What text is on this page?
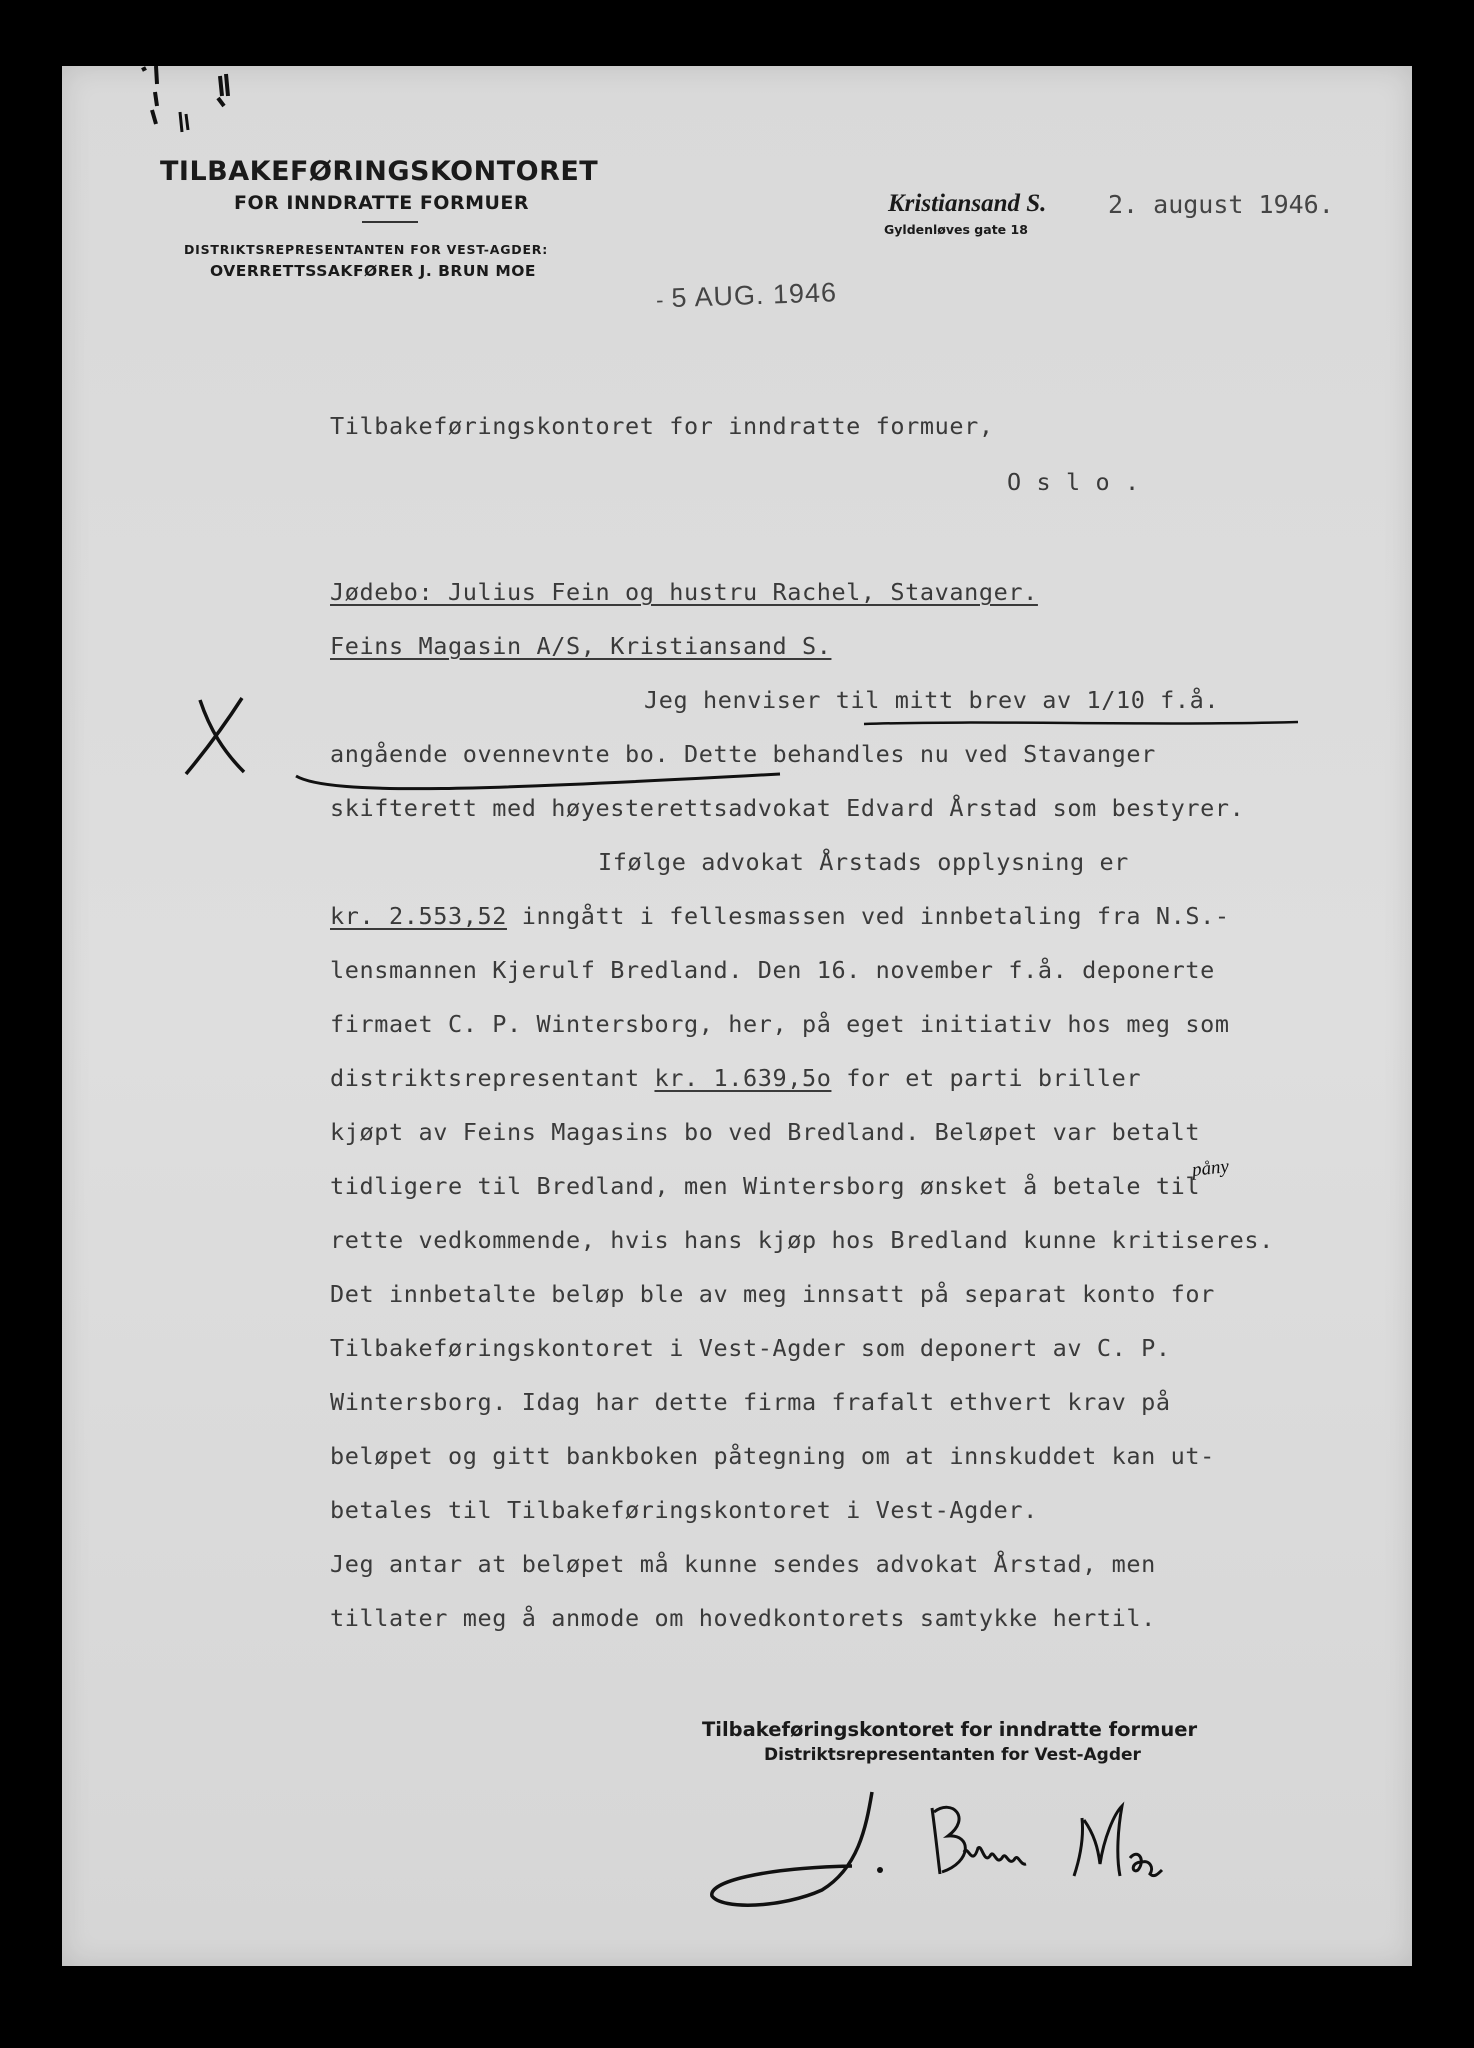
TILBAKEFØRINGSKONTORET
FOR INNDRATTE FORMUER
DISTRIKTSREPRESENTANTEN FOR VEST-AGDER:
OVERRETTSSAKFØRER J. BRUN MOE
Kristiansand S.
Gyldenløves gate 18
2. august 1946.

- 5 AUG. 1946

Tilbakeføringskontoret for inndratte formuer,
O s l o .
Jødebo: Julius Fein og hustru Rachel, Stavanger.
Feins Magasin A/S, Kristiansand S.
Jeg henviser til mitt brev av 1/10 f.å.
angående ovennevnte bo. Dette behandles nu ved Stavanger
skifterett med høyesterettsadvokat Edvard Årstad som bestyrer.
Ifølge advokat Årstads opplysning er
kr. 2.553,52 inngått i fellesmassen ved innbetaling fra N.S.-
lensmannen Kjerulf Bredland. Den 16. november f.å. deponerte
firmaet C. P. Wintersborg, her, på eget initiativ hos meg som
distriktsrepresentant kr. 1.639,5o for et parti briller
kjøpt av Feins Magasins bo ved Bredland. Beløpet var betalt
påny
tidligere til Bredland, men Wintersborg ønsket å betale til
rette vedkommende, hvis hans kjøp hos Bredland kunne kritiseres.
Det innbetalte beløp ble av meg innsatt på separat konto for
Tilbakeføringskontoret i Vest-Agder som deponert av C. P.
Wintersborg. Idag har dette firma frafalt ethvert krav på
beløpet og gitt bankboken påtegning om at innskuddet kan ut-
betales til Tilbakeføringskontoret i Vest-Agder.
Jeg antar at beløpet må kunne sendes advokat Årstad, men
tillater meg å anmode om hovedkontorets samtykke hertil.
Tilbakeføringskontoret for inndratte formuer
Distriktsrepresentanten for Vest-Agder
